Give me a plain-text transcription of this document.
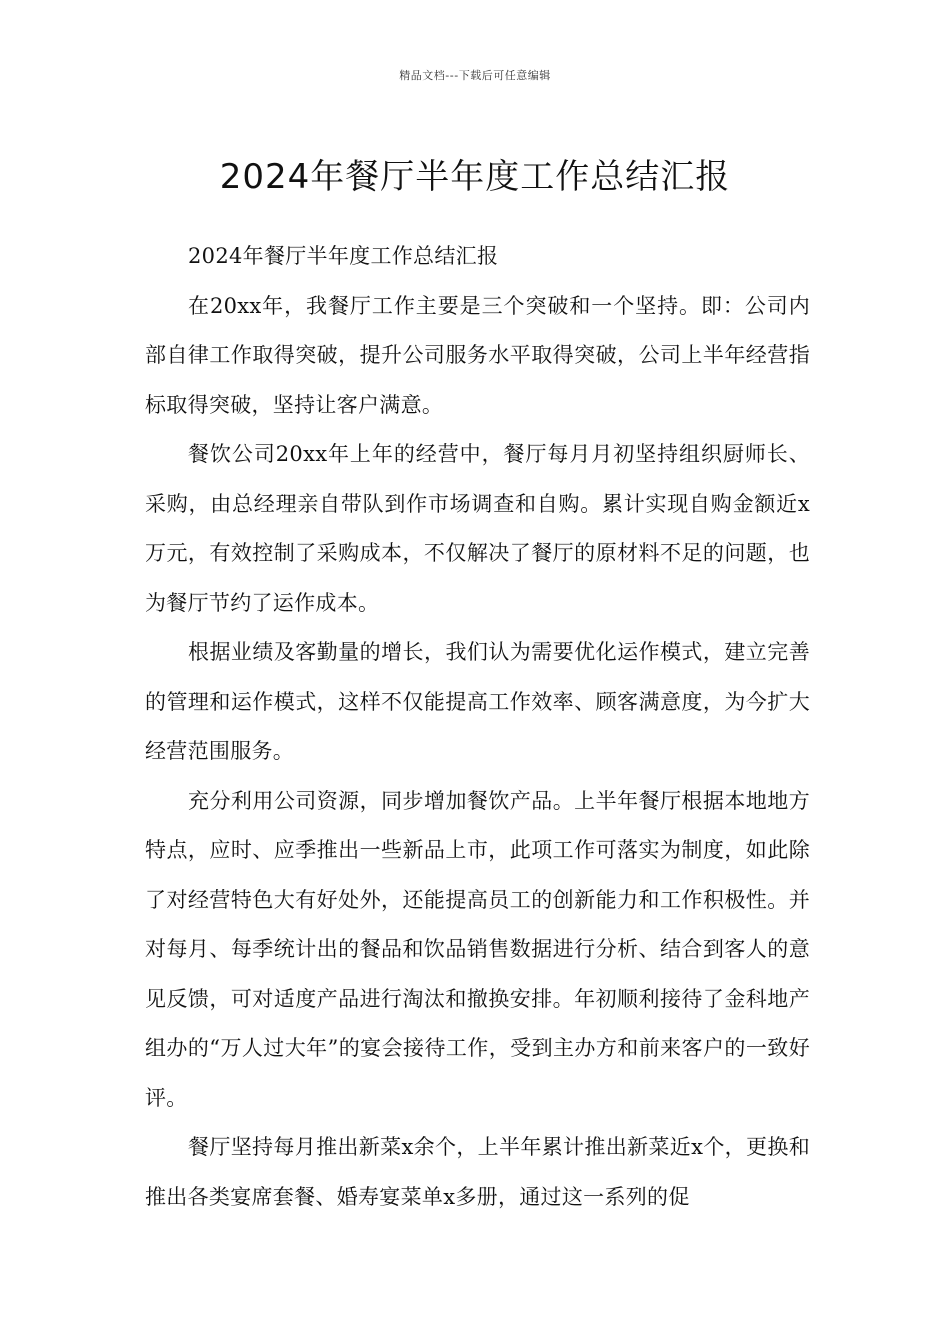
精品文档---下载后可任意编辑
2024年餐厅半年度工作总结汇报

2024年餐厅半年度工作总结汇报

在20xx年，我餐厅工作主要是三个突破和一个坚持。即：公司内部自律工作取得突破，提升公司服务水平取得突破，公司上半年经营指标取得突破，坚持让客户满意。

餐饮公司20xx年上年的经营中，餐厅每月月初坚持组织厨师长、采购，由总经理亲自带队到作市场调查和自购。累计实现自购金额近x万元，有效控制了采购成本，不仅解决了餐厅的原材料不足的问题，也为餐厅节约了运作成本。

根据业绩及客勤量的增长，我们认为需要优化运作模式，建立完善的管理和运作模式，这样不仅能提高工作效率、顾客满意度，为今扩大经营范围服务。

充分利用公司资源，同步增加餐饮产品。上半年餐厅根据本地地方特点，应时、应季推出一些新品上市，此项工作可落实为制度，如此除了对经营特色大有好处外，还能提高员工的创新能力和工作积极性。并对每月、每季统计出的餐品和饮品销售数据进行分析、结合到客人的意见反馈，可对适度产品进行淘汰和撤换安排。年初顺利接待了金科地产组办的“万人过大年”的宴会接待工作，受到主办方和前来客户的一致好评。

餐厅坚持每月推出新菜x余个，上半年累计推出新菜近x个，更换和推出各类宴席套餐、婚寿宴菜单x多册，通过这一系列的促
